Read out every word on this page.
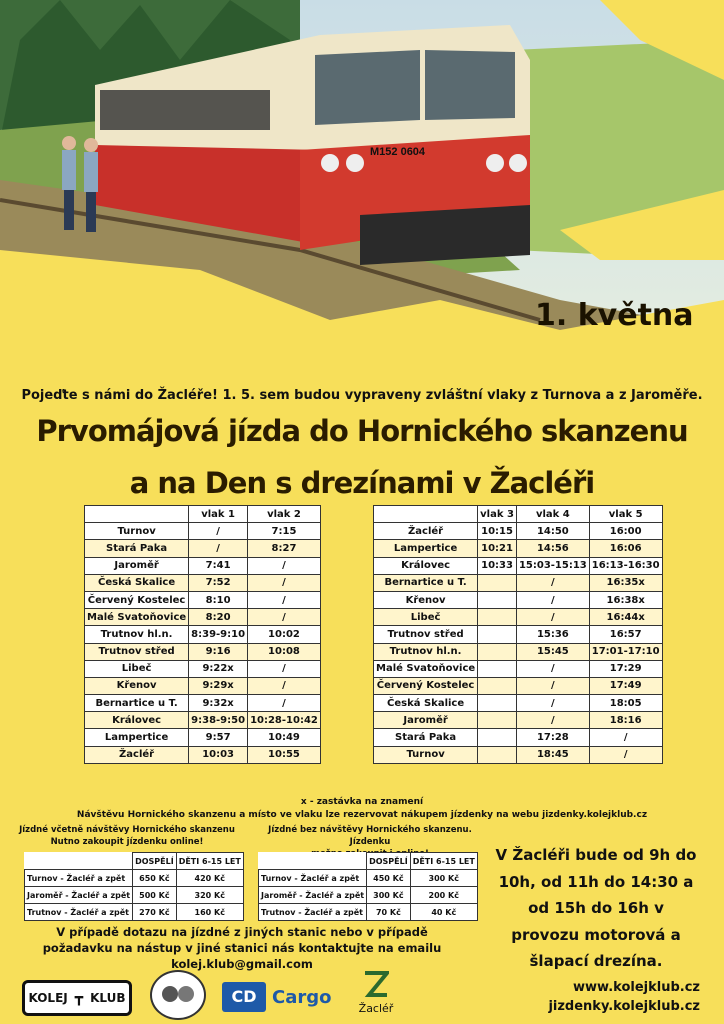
M152 0604
1. května
Pojeďte s námi do Žacléře! 1. 5. sem budou vypraveny zvláštní vlaky z Turnova a z Jaroměře.
Prvomájová jízda do Hornického skanzenu
a na Den s drezínami v Žacléři
	vlak 1	vlak 2
Turnov	/	7:15
Stará Paka	/	8:27
Jaroměř	7:41	/
Česká Skalice	7:52	/
Červený Kostelec	8:10	/
Malé Svatoňovice	8:20	/
Trutnov hl.n.	8:39-9:10	10:02
Trutnov střed	9:16	10:08
Libeč	9:22x	/
Křenov	9:29x	/
Bernartice u T.	9:32x	/
Královec	9:38-9:50	10:28-10:42
Lampertice	9:57	10:49
Žacléř	10:03	10:55
	vlak 3	vlak 4	vlak 5
Žacléř	10:15	14:50	16:00
Lampertice	10:21	14:56	16:06
Královec	10:33	15:03-15:13	16:13-16:30
Bernartice u T.		/	16:35x
Křenov		/	16:38x
Libeč		/	16:44x
Trutnov střed		15:36	16:57
Trutnov hl.n.		15:45	17:01-17:10
Malé Svatoňovice		/	17:29
Červený Kostelec		/	17:49
Česká Skalice		/	18:05
Jaroměř		/	18:16
Stará Paka		17:28	/
Turnov		18:45	/
x - zastávka na znamení
Návštěvu Hornického skanzenu a místo ve vlaku lze rezervovat nákupem jízdenky na webu jizdenky.kolejklub.cz
Jízdné včetně návštěvy Hornického skanzenu
Nutno zakoupit jízdenku online!
Jízdné bez návštěvy Hornického skanzenu. Jízdenku

	DOSPĚLÍ	DĚTI 6-15 LET
Turnov - Žacléř a zpět	650 Kč	420 Kč
Jaroměř - Žacléř a zpět	500 Kč	320 Kč
Trutnov - Žacléř a zpět	270 Kč	160 Kč
	DOSPĚLÍ	DĚTI 6-15 LET
Turnov - Žacléř a zpět	450 Kč	300 Kč
Jaroměř - Žacléř a zpět	300 Kč	200 Kč
Trutnov - Žacléř a zpět	70 Kč	40 Kč
V případě dotazu na jízdné z jiných stanic nebo v případě
požadavku na nástup v jiné stanici nás kontaktujte na emailu
kolej.klub@gmail.com
V Žacléři bude od 9h do
10h, od 11h do 14:30 a
od 15h do 16h v
provozu motorová a
šlapací drezína.
www.kolejklub.cz
jizdenky.kolejklub.cz
KOLEJ ┳ KLUB	CD Cargo
Žacléř
